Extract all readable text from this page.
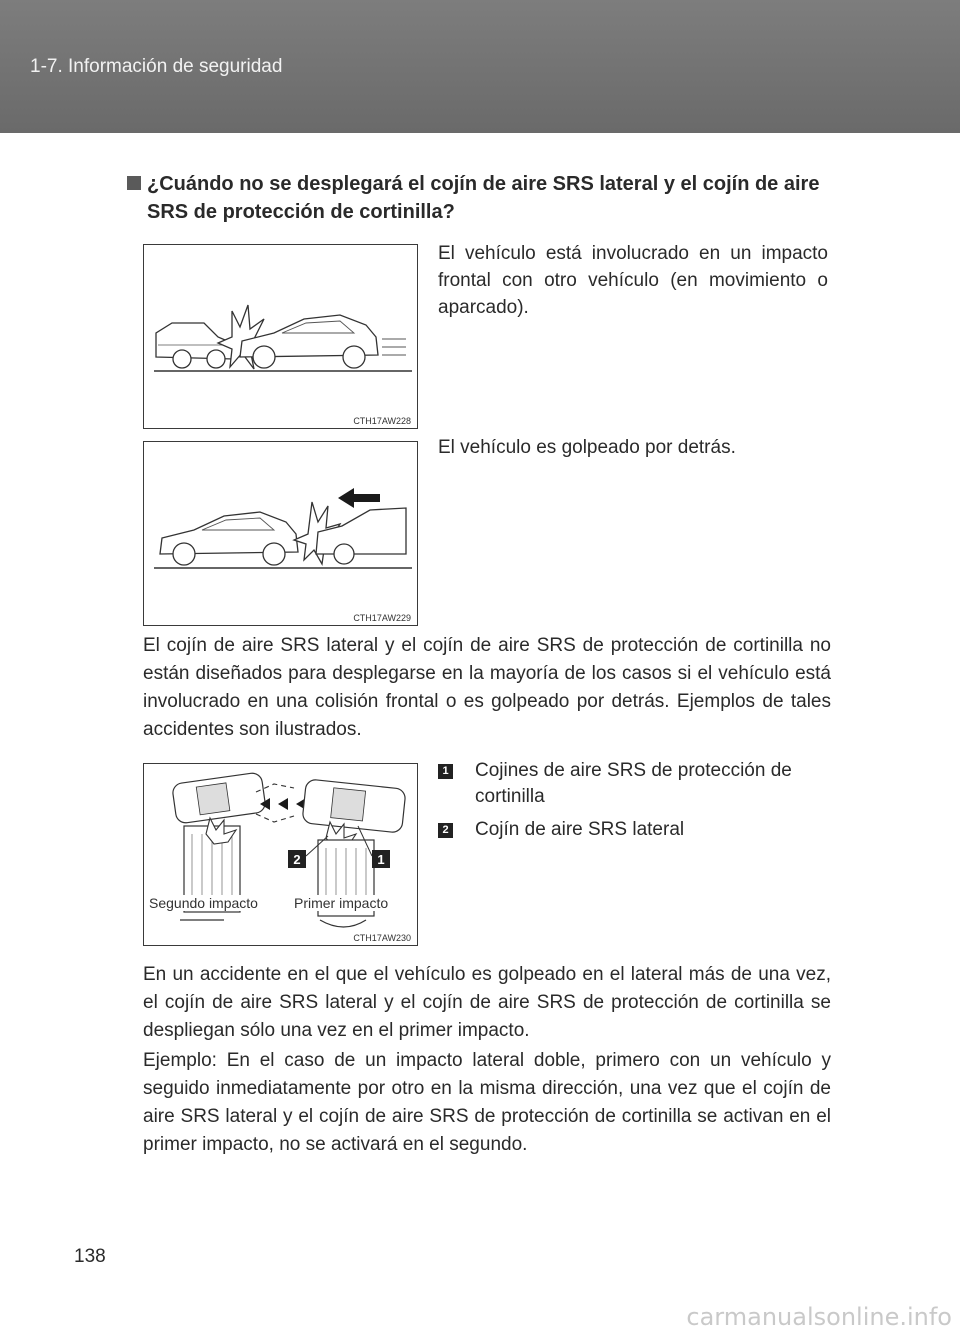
1-7. Información de seguridad
¿Cuándo no se desplegará el cojín de aire SRS lateral y el cojín de aire
SRS de protección de cortinilla?
CTH17AW228
El vehículo está involucrado en un impacto frontal con otro vehículo (en movimiento o aparcado).
CTH17AW229
El vehículo es golpeado por detrás.
El cojín de aire SRS lateral y el cojín de aire SRS de protección de cortinilla no están diseñados para desplegarse en la mayoría de los casos si el vehículo está involucrado en una colisión frontal o es golpeado por detrás. Ejemplos de tales accidentes son ilustrados.
2	1
Segundo impacto	Primer impacto
CTH17AW230
1	Cojines de aire SRS de protección de cortinilla
2	Cojín de aire SRS lateral
En un accidente en el que el vehículo es golpeado en el lateral más de una vez, el cojín de aire SRS lateral y el cojín de aire SRS de protección de cortinilla se despliegan sólo una vez en el primer impacto.
Ejemplo: En el caso de un impacto lateral doble, primero con un vehículo y seguido inmediatamente por otro en la misma dirección, una vez que el cojín de aire SRS lateral y el cojín de aire SRS de protección de cortinilla se activan en el primer impacto, no se activará en el segundo.
138
carmanualsonline.info
